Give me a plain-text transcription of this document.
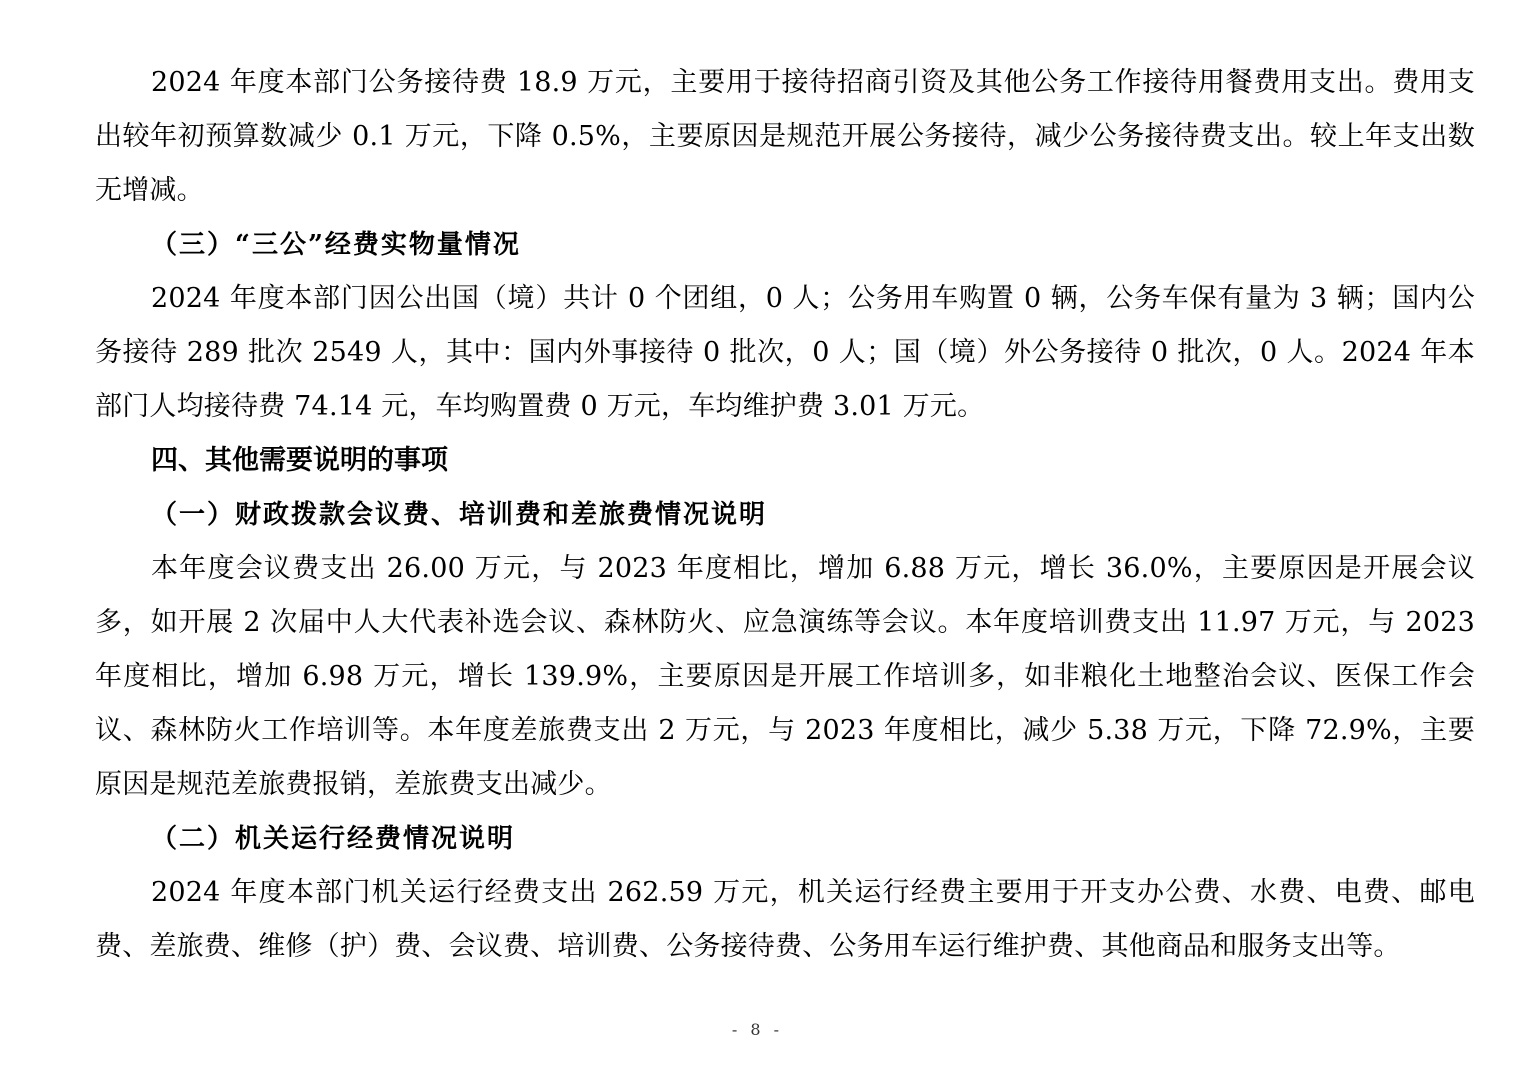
2024 年度本部门公务接待费 18.9 万元，主要用于接待招商引资及其他公务工作接待用餐费用支出。费用支出较年初预算数减少 0.1 万元，下降 0.5%，主要原因是规范开展公务接待，减少公务接待费支出。较上年支出数无增减。

（三）“三公”经费实物量情况

2024 年度本部门因公出国（境）共计 0 个团组，0 人；公务用车购置 0 辆，公务车保有量为 3 辆；国内公务接待 289 批次 2549 人，其中：国内外事接待 0 批次，0 人；国（境）外公务接待 0 批次，0 人。2024 年本部门人均接待费 74.14 元，车均购置费 0 万元，车均维护费 3.01 万元。

四、其他需要说明的事项

（一）财政拨款会议费、培训费和差旅费情况说明

本年度会议费支出 26.00 万元，与 2023 年度相比，增加 6.88 万元，增长 36.0%，主要原因是开展会议多，如开展 2 次届中人大代表补选会议、森林防火、应急演练等会议。本年度培训费支出 11.97 万元，与 2023 年度相比，增加 6.98 万元，增长 139.9%，主要原因是开展工作培训多，如非粮化土地整治会议、医保工作会议、森林防火工作培训等。本年度差旅费支出 2 万元，与 2023 年度相比，减少 5.38 万元，下降 72.9%，主要原因是规范差旅费报销，差旅费支出减少。

（二）机关运行经费情况说明

2024 年度本部门机关运行经费支出 262.59 万元，机关运行经费主要用于开支办公费、水费、电费、邮电费、差旅费、维修（护）费、会议费、培训费、公务接待费、公务用车运行维护费、其他商品和服务支出等。

- 8 -
